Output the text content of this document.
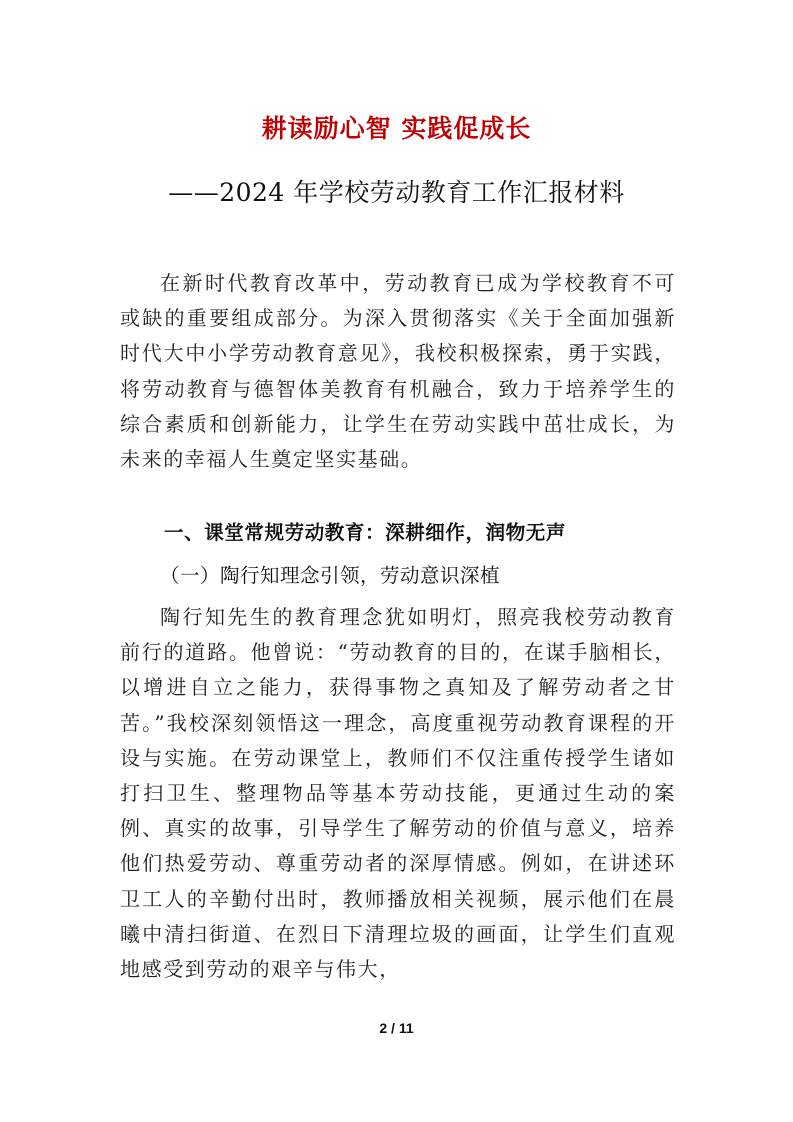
耕读励心智 实践促成长
——2024 年学校劳动教育工作汇报材料

在新时代教育改革中，劳动教育已成为学校教育不可或缺的重要组成部分。为深入贯彻落实《关于全面加强新时代大中小学劳动教育意见》，我校积极探索，勇于实践，将劳动教育与德智体美教育有机融合，致力于培养学生的综合素质和创新能力，让学生在劳动实践中茁壮成长，为未来的幸福人生奠定坚实基础。

一、课堂常规劳动教育：深耕细作，润物无声
（一）陶行知理念引领，劳动意识深植

陶行知先生的教育理念犹如明灯，照亮我校劳动教育前行的道路。他曾说：“劳动教育的目的，在谋手脑相长，以增进自立之能力，获得事物之真知及了解劳动者之甘苦。”我校深刻领悟这一理念，高度重视劳动教育课程的开设与实施。在劳动课堂上，教师们不仅注重传授学生诸如打扫卫生、整理物品等基本劳动技能，更通过生动的案例、真实的故事，引导学生了解劳动的价值与意义，培养他们热爱劳动、尊重劳动者的深厚情感。例如，在讲述环卫工人的辛勤付出时，教师播放相关视频，展示他们在晨曦中清扫街道、在烈日下清理垃圾的画面，让学生们直观地感受到劳动的艰辛与伟大，

2 / 11
